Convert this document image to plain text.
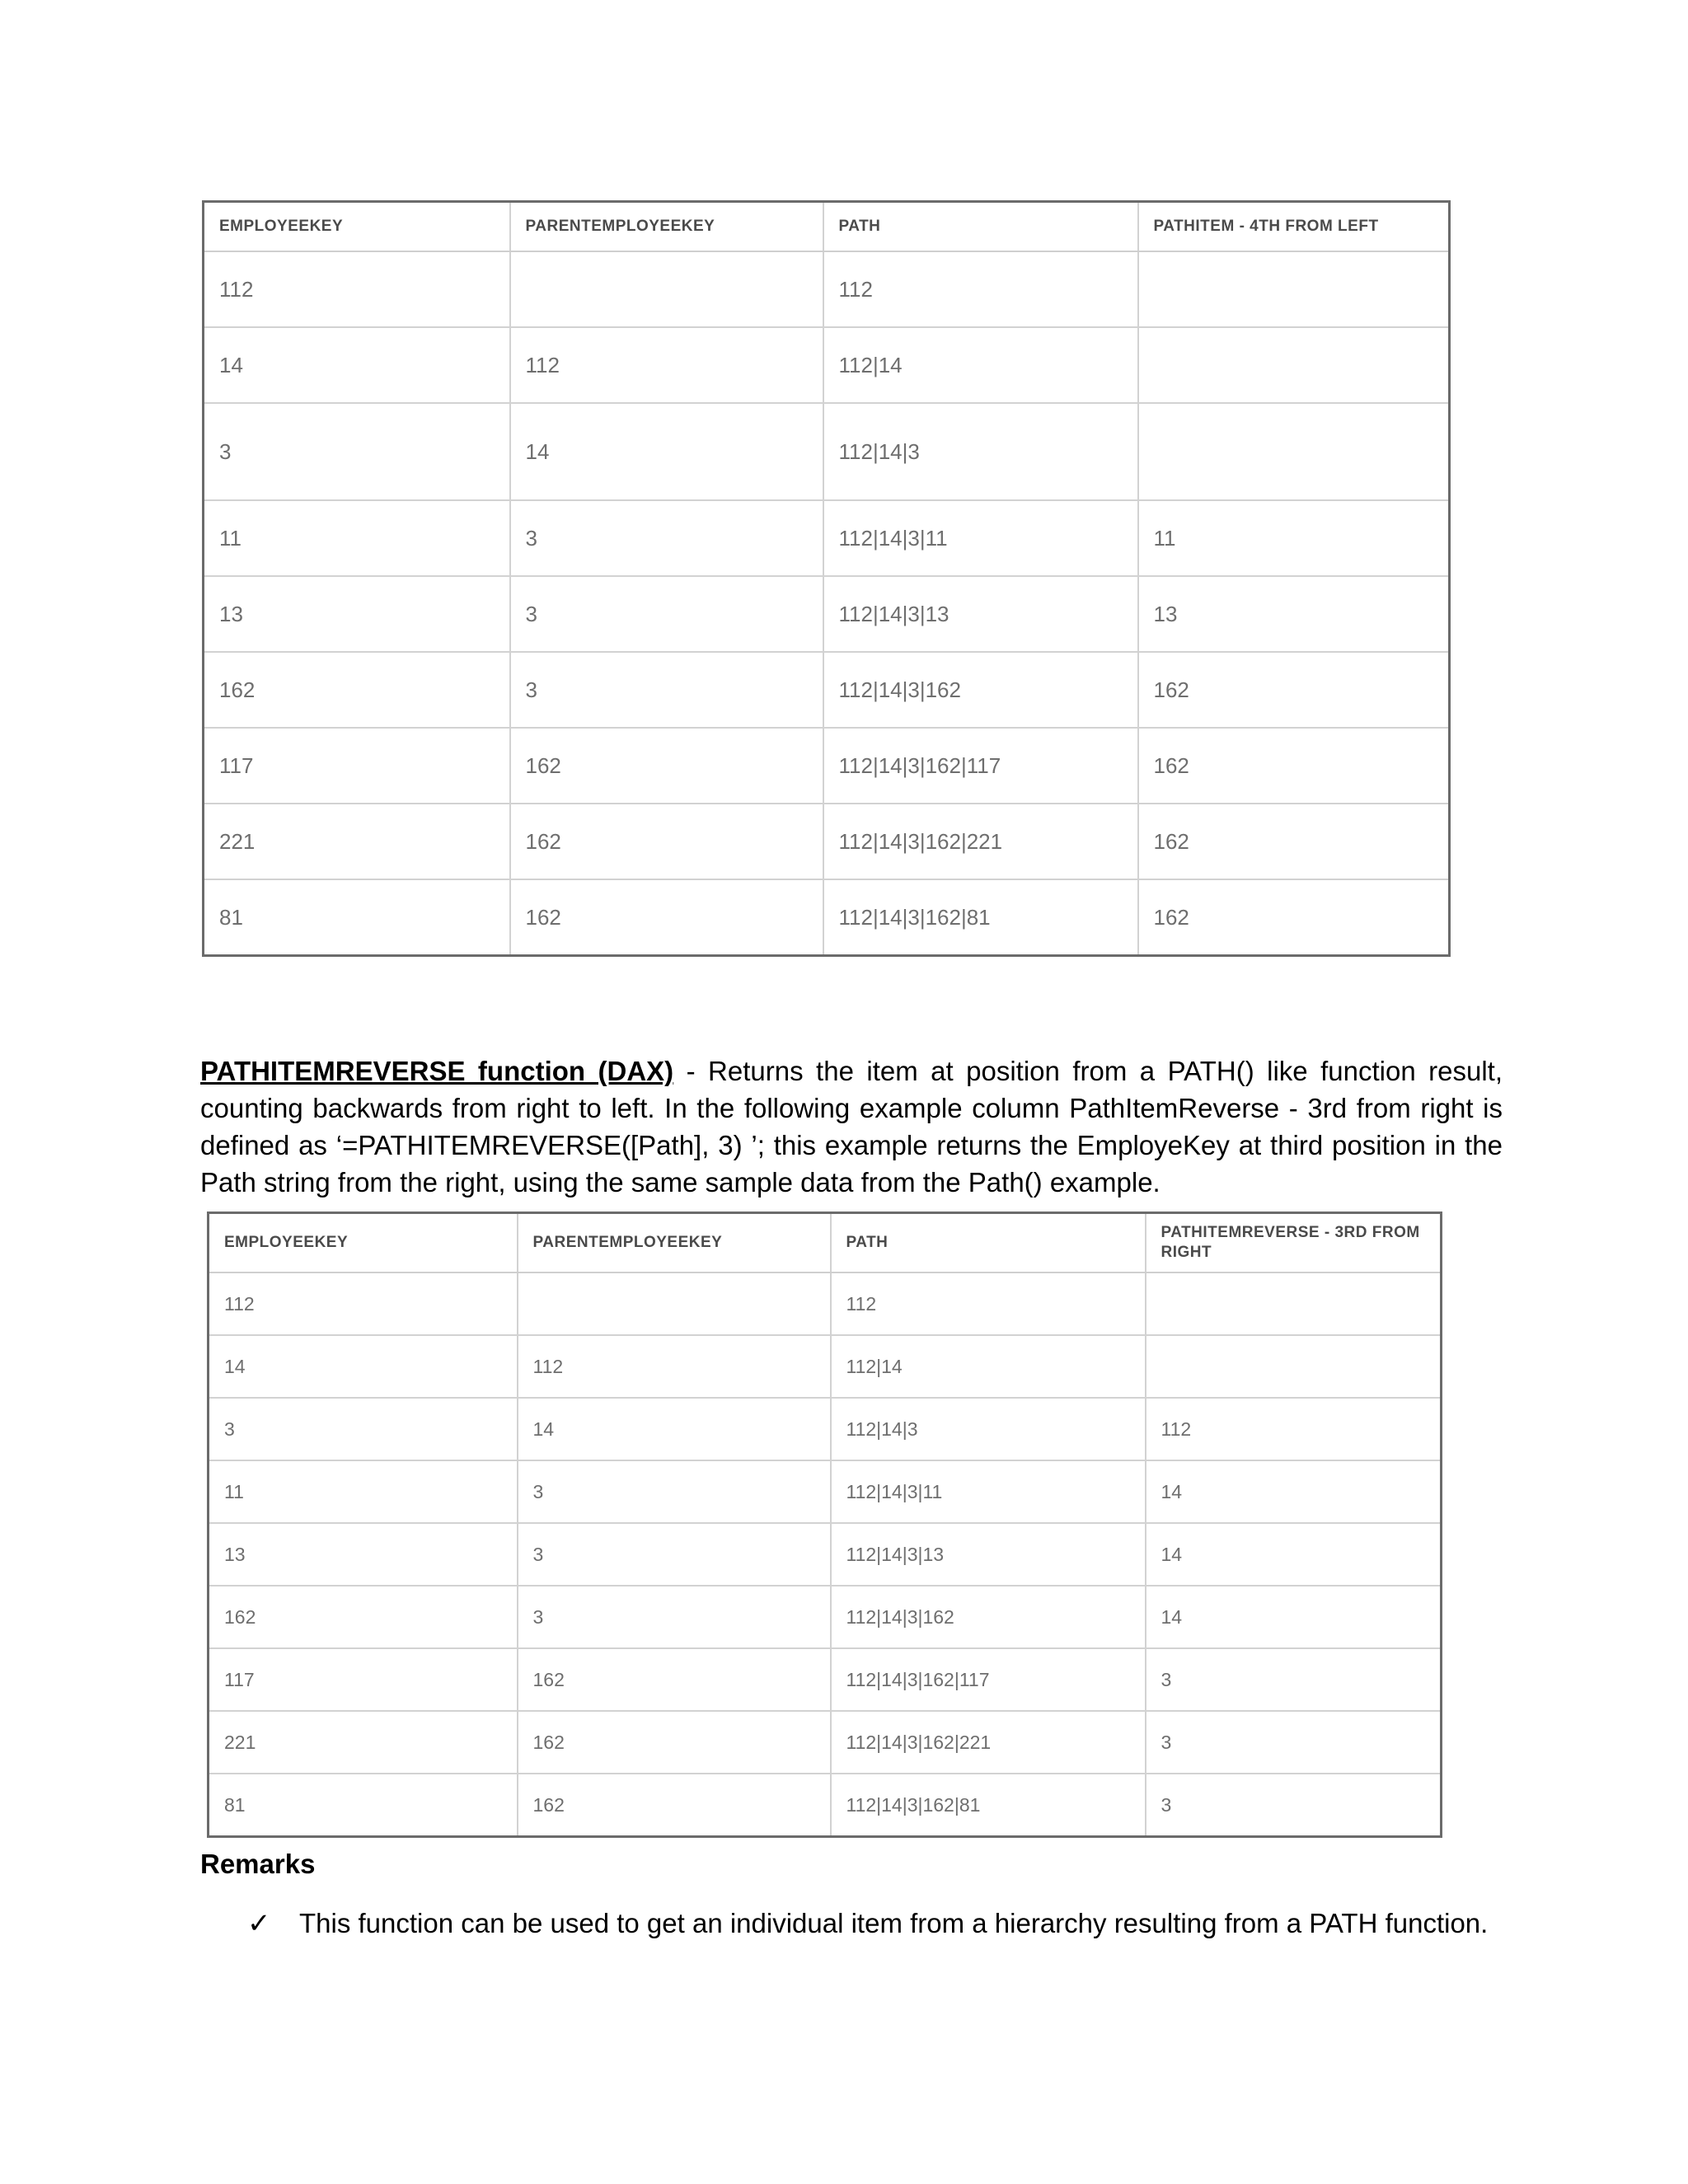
EMPLOYEEKEY	PARENTEMPLOYEEKEY	PATH	PATHITEM - 4TH FROM LEFT
112		112	
14	112	112|14	
3	14	112|14|3	
11	3	112|14|3|11	11
13	3	112|14|3|13	13
162	3	112|14|3|162	162
117	162	112|14|3|162|117	162
221	162	112|14|3|162|221	162
81	162	112|14|3|162|81	162

PATHITEMREVERSE function (DAX) - Returns the item at position from a PATH() like function result, counting backwards from right to left. In the following example column PathItemReverse - 3rd from right is defined as ‘=PATHITEMREVERSE([Path], 3) ’; this example returns the EmployeKey at third position in the Path string from the right, using the same sample data from the Path() example.

EMPLOYEEKEY	PARENTEMPLOYEEKEY	PATH	PATHITEMREVERSE - 3RD FROM RIGHT
112		112	
14	112	112|14	
3	14	112|14|3	112
11	3	112|14|3|11	14
13	3	112|14|3|13	14
162	3	112|14|3|162	14
117	162	112|14|3|162|117	3
221	162	112|14|3|162|221	3
81	162	112|14|3|162|81	3
Remarks
✓	This function can be used to get an individual item from a hierarchy resulting from a PATH function.
